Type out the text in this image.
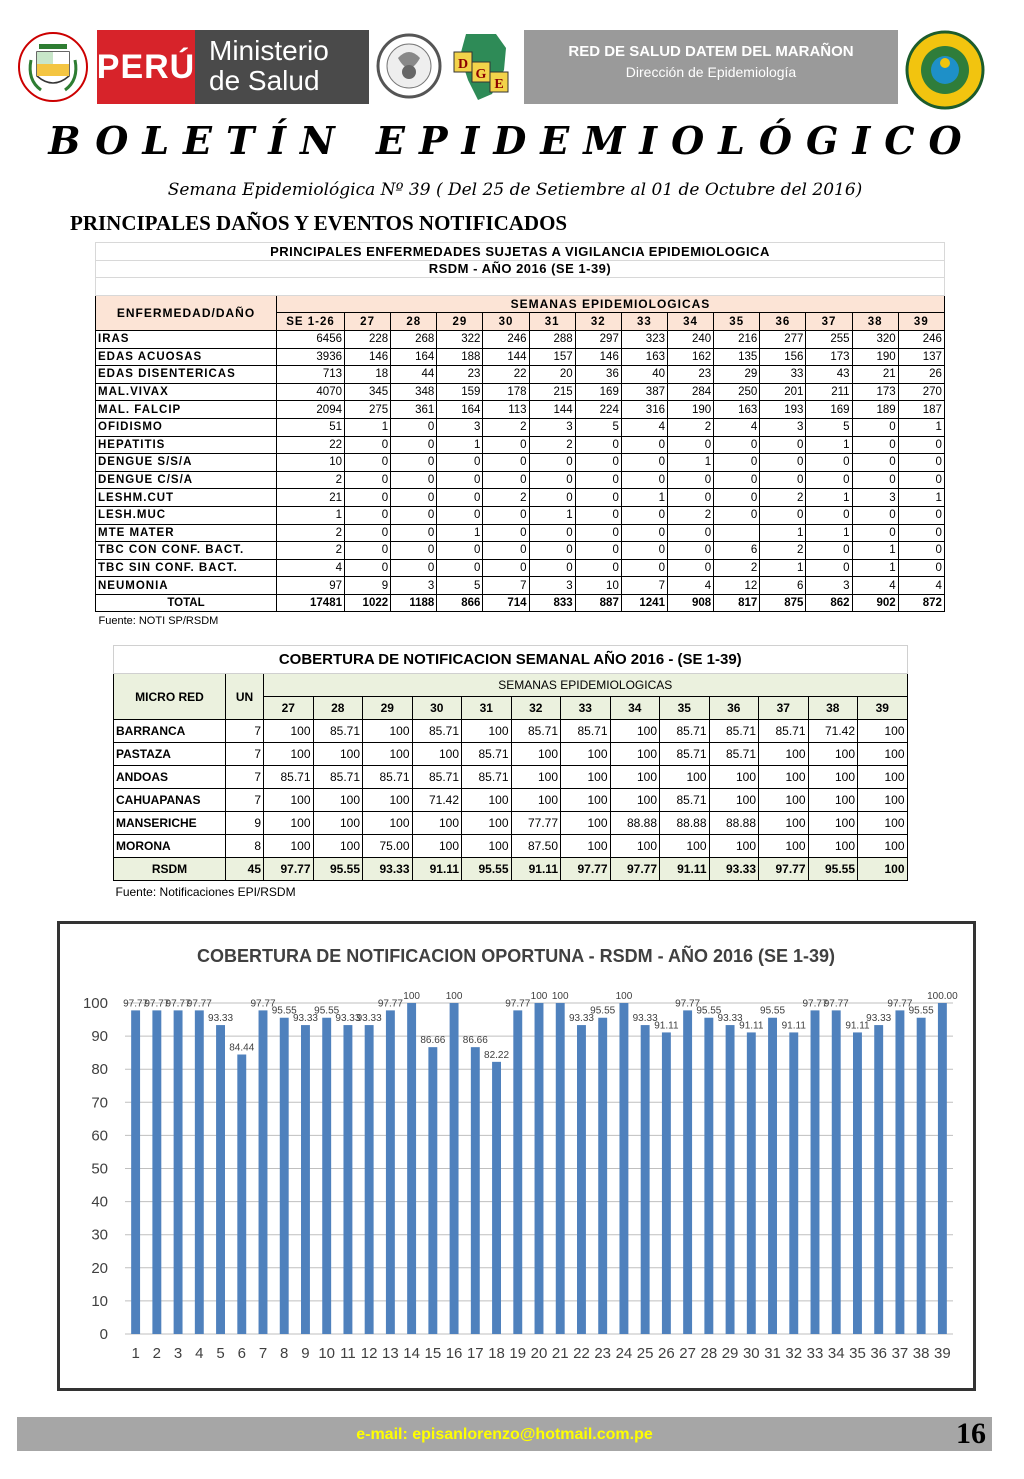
PERÚ Ministerio
de Salud
D
G
E
RED DE SALUD DATEM DEL MARAÑON
Dirección de Epidemiología
BOLETÍN EPIDEMIOLÓGICO
Semana Epidemiológica Nº 39 ( Del 25 de Setiembre al 01 de Octubre del 2016)
PRINCIPALES DAÑOS Y EVENTOS NOTIFICADOS
PRINCIPALES ENFERMEDADES SUJETAS A VIGILANCIA EPIDEMIOLOGICA														
RSDM - AÑO 2016 (SE 1-39)														

ENFERMEDAD/DAÑO	SEMANAS EPIDEMIOLOGICAS													
	SE 1-26	27	28	29	30	31	32	33	34	35	36	37	38	39
IRAS	6456	228	268	322	246	288	297	323	240	216	277	255	320	246
EDAS ACUOSAS	3936	146	164	188	144	157	146	163	162	135	156	173	190	137
EDAS DISENTERICAS	713	18	44	23	22	20	36	40	23	29	33	43	21	26
MAL.VIVAX	4070	345	348	159	178	215	169	387	284	250	201	211	173	270
MAL. FALCIP	2094	275	361	164	113	144	224	316	190	163	193	169	189	187
OFIDISMO	51	1	0	3	2	3	5	4	2	4	3	5	0	1
HEPATITIS	22	0	0	1	0	2	0	0	0	0	0	1	0	0
DENGUE S/S/A	10	0	0	0	0	0	0	0	1	0	0	0	0	0
DENGUE C/S/A	2	0	0	0	0	0	0	0	0	0	0	0	0	0
LESHM.CUT	21	0	0	0	2	0	0	1	0	0	2	1	3	1
LESH.MUC	1	0	0	0	0	1	0	0	2	0	0	0	0	0
MTE MATER	2	0	0	1	0	0	0	0	0		1	1	0	0
TBC CON CONF. BACT.	2	0	0	0	0	0	0	0	0	6	2	0	1	0
TBC SIN CONF. BACT.	4	0	0	0	0	0	0	0	0	2	1	0	1	0
NEUMONIA	97	9	3	5	7	3	10	7	4	12	6	3	4	4
TOTAL	17481	1022	1188	866	714	833	887	1241	908	817	875	862	902	872
Fuente: NOTI SP/RSDM														
COBERTURA DE NOTIFICACION SEMANAL AÑO 2016 - (SE 1-39)														
MICRO RED	UN	SEMANAS EPIDEMIOLOGICAS												
		27	28	29	30	31	32	33	34	35	36	37	38	39
BARRANCA	7	100	85.71	100	85.71	100	85.71	85.71	100	85.71	85.71	85.71	71.42	100
PASTAZA	7	100	100	100	100	85.71	100	100	100	85.71	85.71	100	100	100
ANDOAS	7	85.71	85.71	85.71	85.71	85.71	100	100	100	100	100	100	100	100
CAHUAPANAS	7	100	100	100	71.42	100	100	100	100	85.71	100	100	100	100
MANSERICHE	9	100	100	100	100	100	77.77	100	88.88	88.88	88.88	100	100	100
MORONA	8	100	100	75.00	100	100	87.50	100	100	100	100	100	100	100
RSDM	45	97.77	95.55	93.33	91.11	95.55	91.11	97.77	97.77	91.11	93.33	97.77	95.55	100
Fuente: Notificaciones EPI/RSDM														
COBERTURA DE NOTIFICACION OPORTUNA - RSDM - AÑO 2016 (SE 1-39)
97.77
97.77
97.77
97.77
93.33
84.44
97.77
95.55
93.33
95.55
93.33
93.33
97.77
100
86.66
100
86.66
82.22
97.77
100 100
93.33
95.55
100
93.33
91.11
97.77
95.55
93.33
91.11
95.55
91.11
97.77
97.77
91.11
93.33
97.77
95.55
100.00
1 2 3 4 5 6 7 8 9 10 11 12 13 14 15 16 17 18 19 20 21 22 23 24 25 26 27 28 29 30 31 32 33 34 35 36 37 38 39
0
10
20
30
40
50
60
70
80
90
100
e-mail: episanlorenzo@hotmail.com.pe	16
